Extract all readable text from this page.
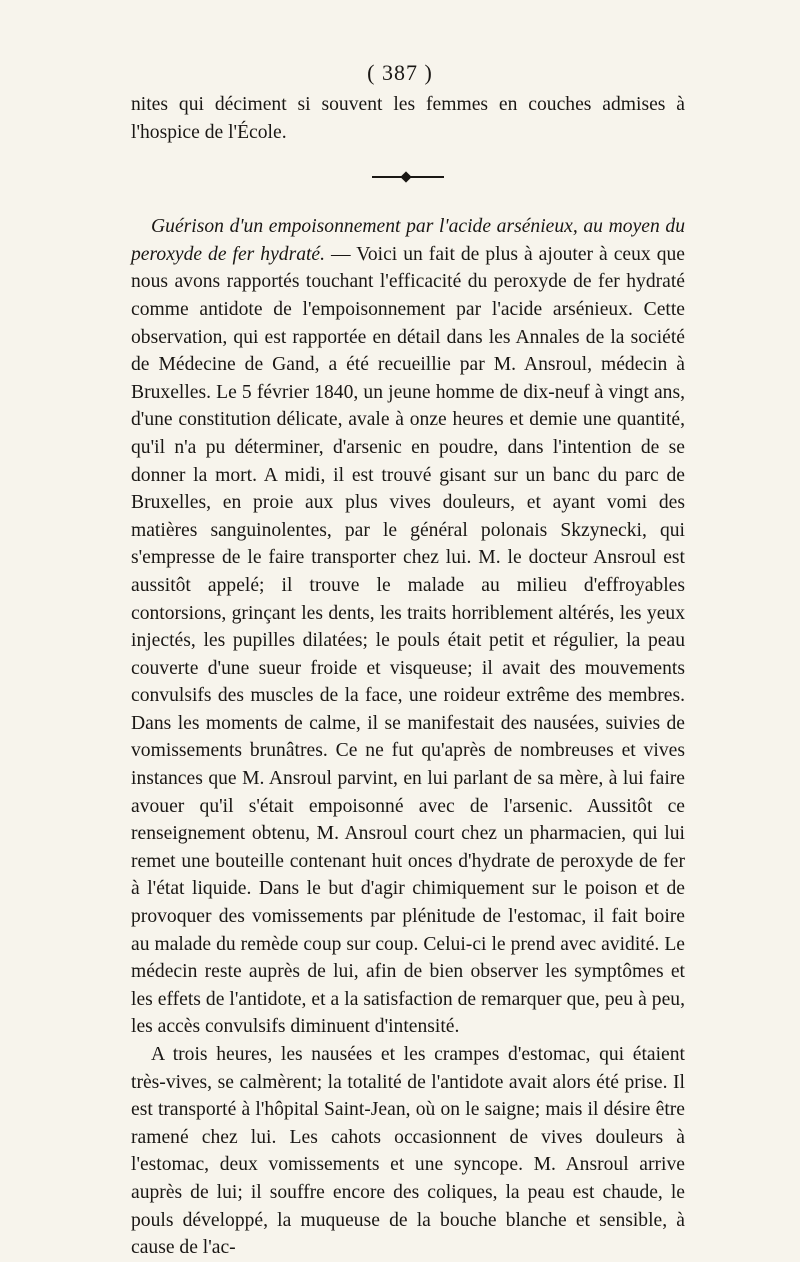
( 387 )

nites qui déciment si souvent les femmes en couches admises à l'hospice de l'École.

Guérison d'un empoisonnement par l'acide arsénieux, au moyen du peroxyde de fer hydraté. — Voici un fait de plus à ajouter à ceux que nous avons rapportés touchant l'efficacité du peroxyde de fer hydraté comme antidote de l'empoisonnement par l'acide arsénieux. Cette observation, qui est rapportée en détail dans les Annales de la société de Médecine de Gand, a été recueillie par M. Ansroul, médecin à Bruxelles. Le 5 février 1840, un jeune homme de dix-neuf à vingt ans, d'une constitution délicate, avale à onze heures et demie une quantité, qu'il n'a pu déterminer, d'arsenic en poudre, dans l'intention de se donner la mort. A midi, il est trouvé gisant sur un banc du parc de Bruxelles, en proie aux plus vives douleurs, et ayant vomi des matières sanguinolentes, par le général polonais Skzynecki, qui s'empresse de le faire transporter chez lui. M. le docteur Ansroul est aussitôt appelé; il trouve le malade au milieu d'effroyables contorsions, grinçant les dents, les traits horriblement altérés, les yeux injectés, les pupilles dilatées; le pouls était petit et régulier, la peau couverte d'une sueur froide et visqueuse; il avait des mouvements convulsifs des muscles de la face, une roideur extrême des membres. Dans les moments de calme, il se manifestait des nausées, suivies de vomissements brunâtres. Ce ne fut qu'après de nombreuses et vives instances que M. Ansroul parvint, en lui parlant de sa mère, à lui faire avouer qu'il s'était empoisonné avec de l'arsenic. Aussitôt ce renseignement obtenu, M. Ansroul court chez un pharmacien, qui lui remet une bouteille contenant huit onces d'hydrate de peroxyde de fer à l'état liquide. Dans le but d'agir chimiquement sur le poison et de provoquer des vomissements par plénitude de l'estomac, il fait boire au malade du remède coup sur coup. Celui-ci le prend avec avidité. Le médecin reste auprès de lui, afin de bien observer les symptômes et les effets de l'antidote, et a la satisfaction de remarquer que, peu à peu, les accès convulsifs diminuent d'intensité.

A trois heures, les nausées et les crampes d'estomac, qui étaient très-vives, se calmèrent; la totalité de l'antidote avait alors été prise. Il est transporté à l'hôpital Saint-Jean, où on le saigne; mais il désire être ramené chez lui. Les cahots occasionnent de vives douleurs à l'estomac, deux vomissements et une syncope. M. Ansroul arrive auprès de lui; il souffre encore des coliques, la peau est chaude, le pouls développé, la muqueuse de la bouche blanche et sensible, à cause de l'ac-
